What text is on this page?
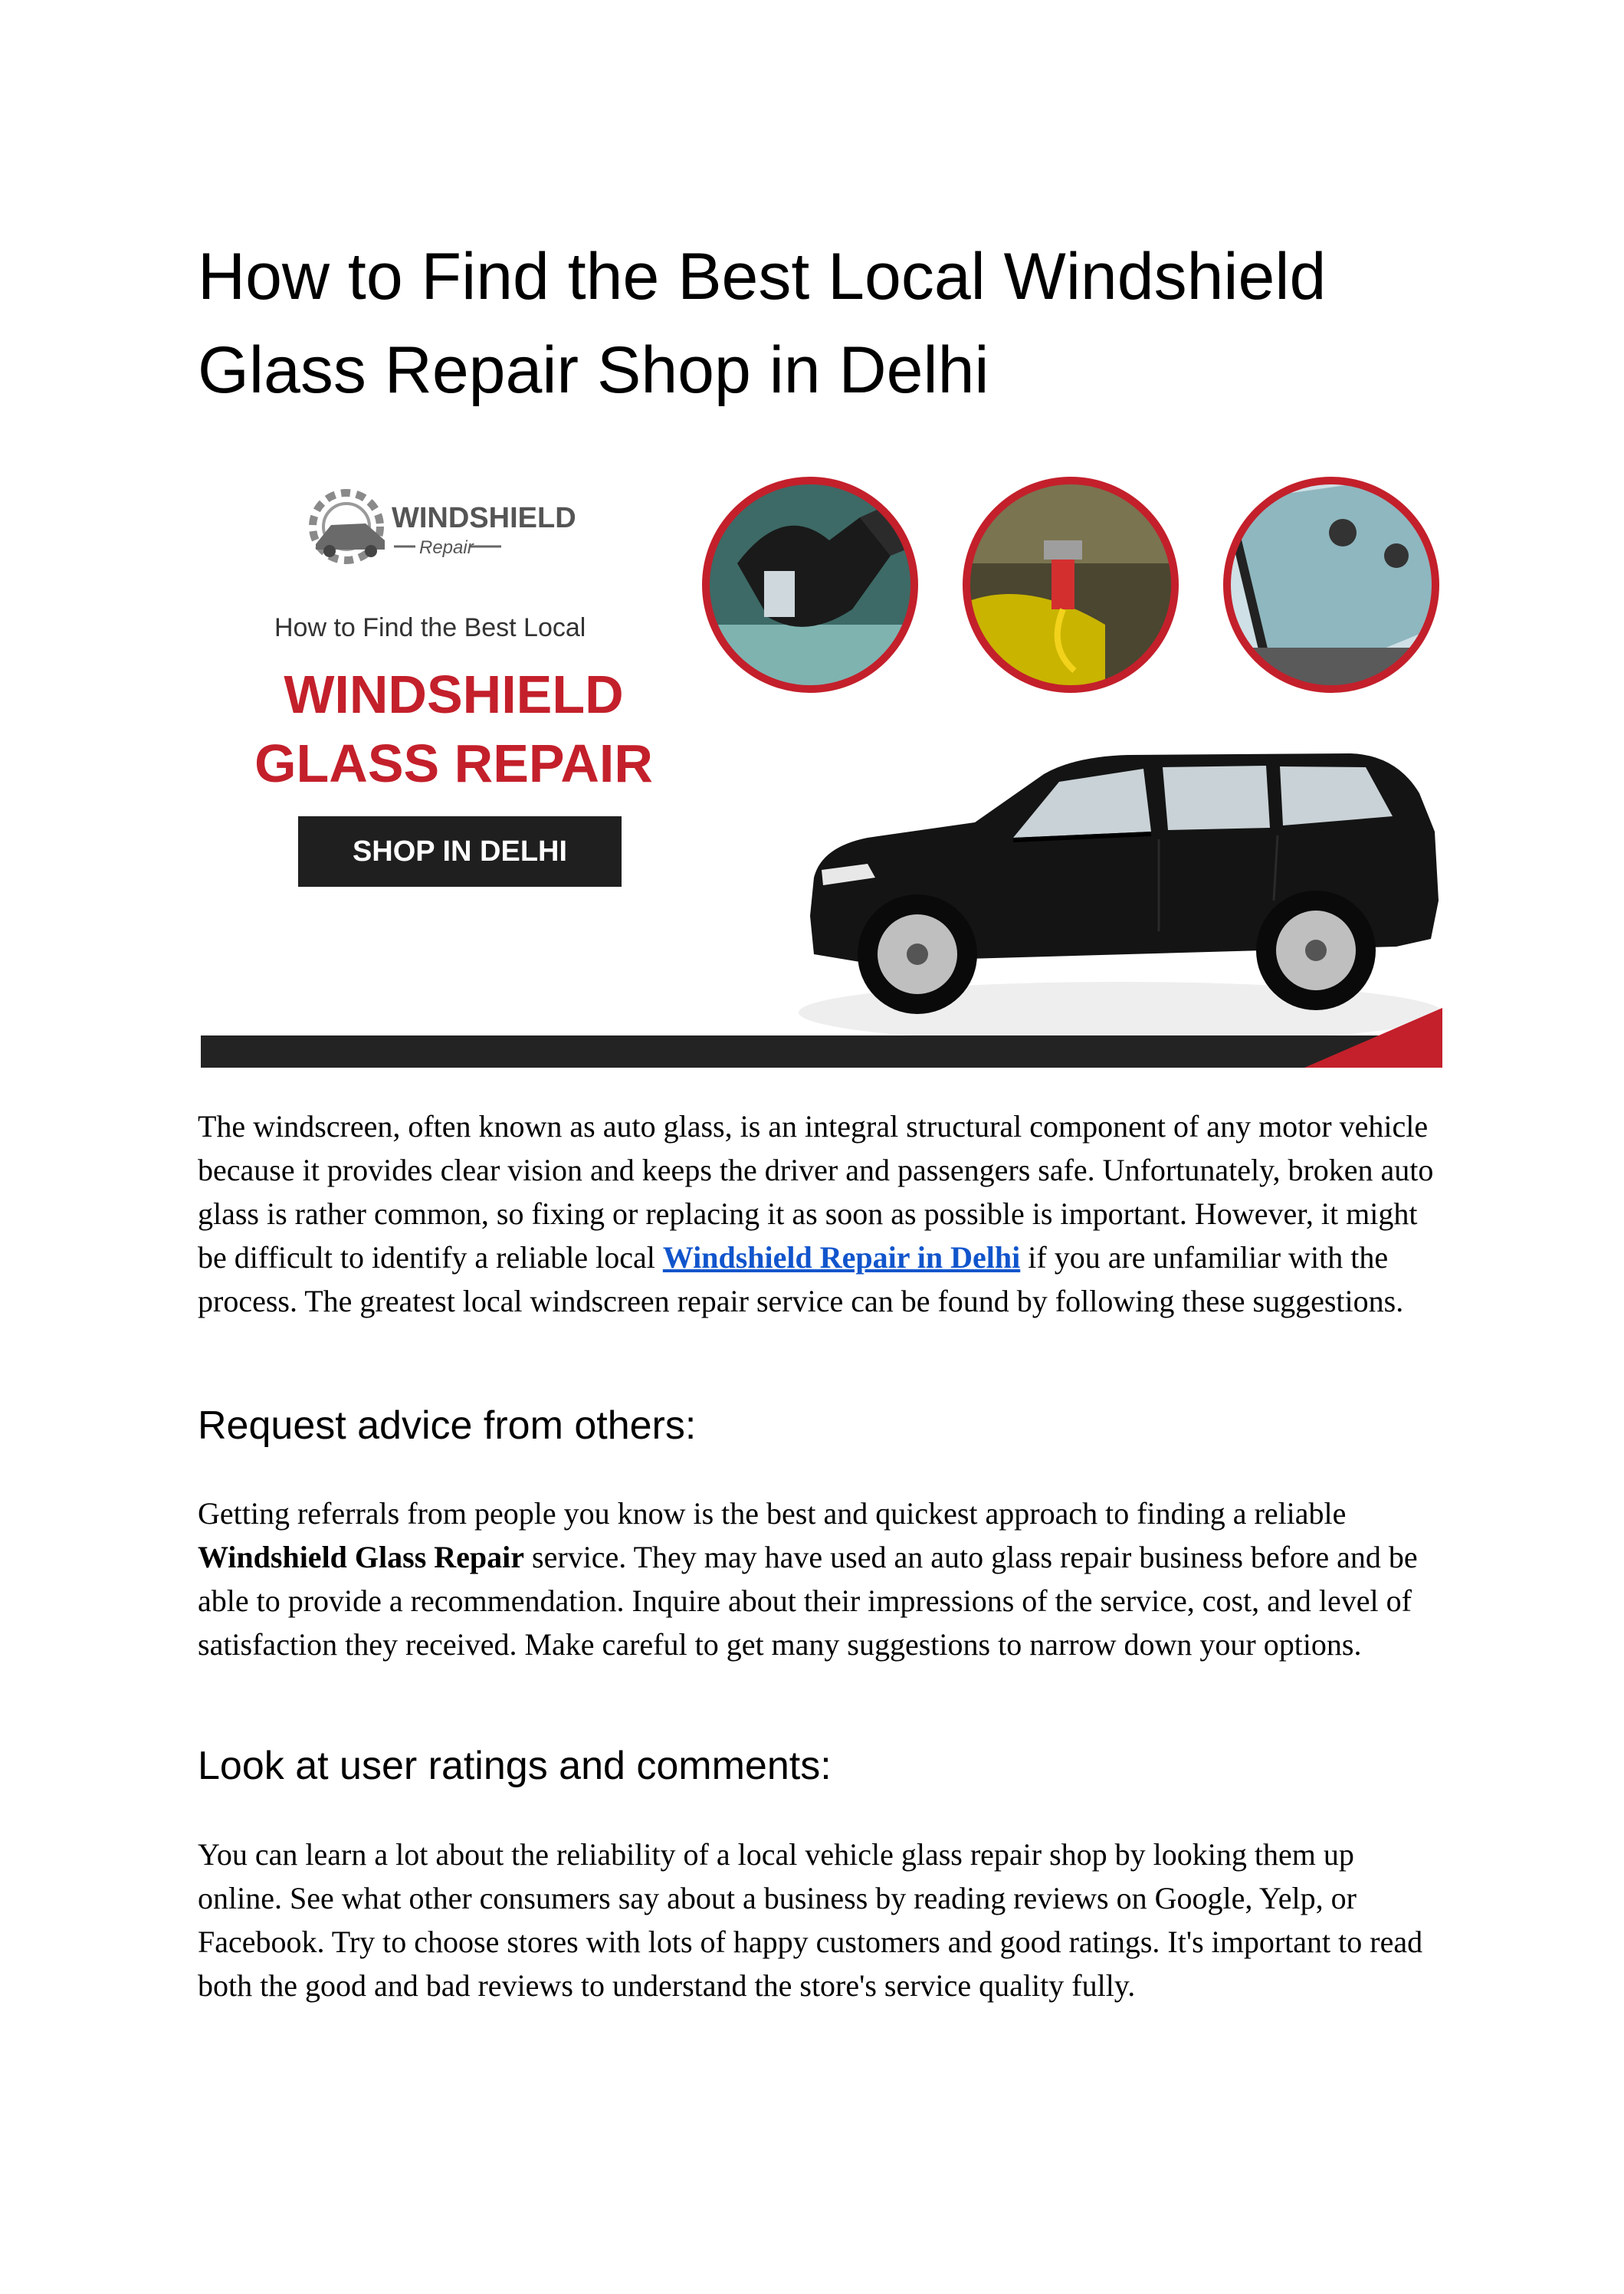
How to Find the Best Local Windshield Glass Repair Shop in Delhi
WINDSHIELD
Repair
How to Find the Best Local
WINDSHIELD
GLASS REPAIR
SHOP IN DELHI

The windscreen, often known as auto glass, is an integral structural component of any motor vehicle because it provides clear vision and keeps the driver and passengers safe. Unfortunately, broken auto glass is rather common, so fixing or replacing it as soon as possible is important. However, it might be difficult to identify a reliable local Windshield Repair in Delhi if you are unfamiliar with the process. The greatest local windscreen repair service can be found by following these suggestions.

Request advice from others:

Getting referrals from people you know is the best and quickest approach to finding a reliable Windshield Glass Repair service. They may have used an auto glass repair business before and be able to provide a recommendation. Inquire about their impressions of the service, cost, and level of satisfaction they received. Make careful to get many suggestions to narrow down your options.

Look at user ratings and comments:

You can learn a lot about the reliability of a local vehicle glass repair shop by looking them up online. See what other consumers say about a business by reading reviews on Google, Yelp, or Facebook. Try to choose stores with lots of happy customers and good ratings. It's important to read both the good and bad reviews to understand the store's service quality fully.
